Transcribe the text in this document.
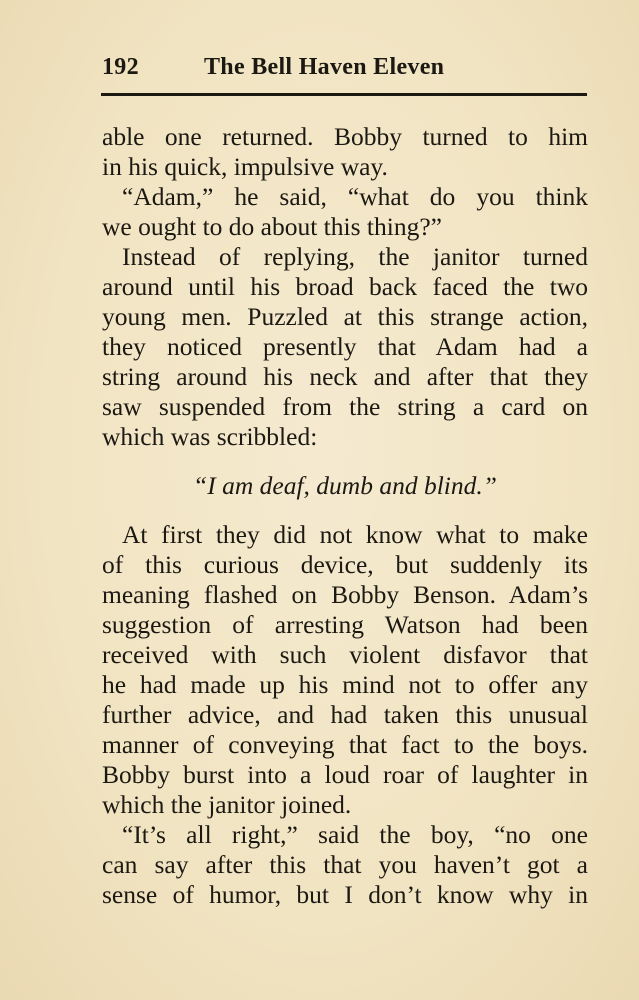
192	The Bell Haven Eleven
able one returned. Bobby turned to him
in his quick, impulsive way.
“Adam,” he said, “what do you think
we ought to do about this thing?”
Instead of replying, the janitor turned
around until his broad back faced the two
young men. Puzzled at this strange action,
they noticed presently that Adam had a
string around his neck and after that they
saw suspended from the string a card on
which was scribbled:
“I am deaf, dumb and blind.”
At first they did not know what to make
of this curious device, but suddenly its
meaning flashed on Bobby Benson. Adam’s
suggestion of arresting Watson had been
received with such violent disfavor that
he had made up his mind not to offer any
further advice, and had taken this unusual
manner of conveying that fact to the boys.
Bobby burst into a loud roar of laughter in
which the janitor joined.
“It’s all right,” said the boy, “no one
can say after this that you haven’t got a
sense of humor, but I don’t know why in
